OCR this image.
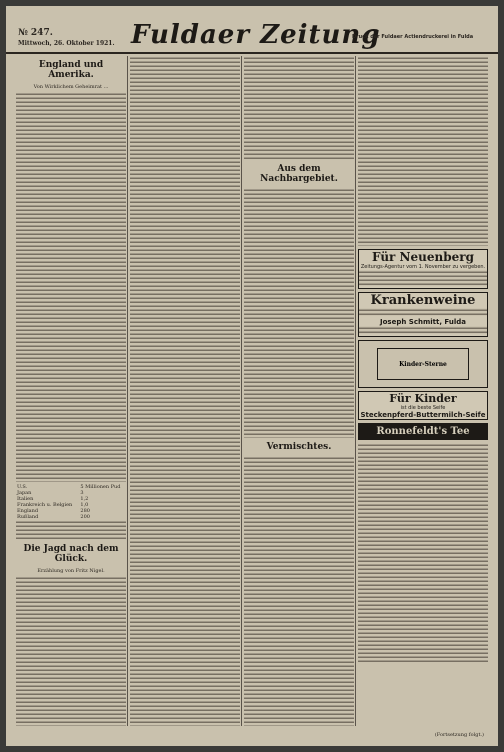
№ 247.
Mittwoch, 26. Oktober 1921. Fuldaer Zeitung
Druck der Fuldaer Actiendruckerei in Fulda
England und Amerika.
Von Wirklichem Geheimrat ...
U.S.	5 Millionen Pud
Japan	3
Italien	1,2
Frankreich u. Belgien	1,0
England	280
Rußland	200
Die Jagd nach dem Glück.
Erzählung von Fritz Nigel.
Aus dem Nachbargebiet.
Vermischtes.
Für Neuenberg
Zeitungs-Agentur vom 1. November zu vergeben.
Krankenweine
Joseph Schmitt, Fulda
Kinder-Sterne
Für Kinder
ist die beste Seife
Steckenpferd-Buttermilch-Seife
Ronnefeldt's Tee
(Fortsetzung folgt.)
